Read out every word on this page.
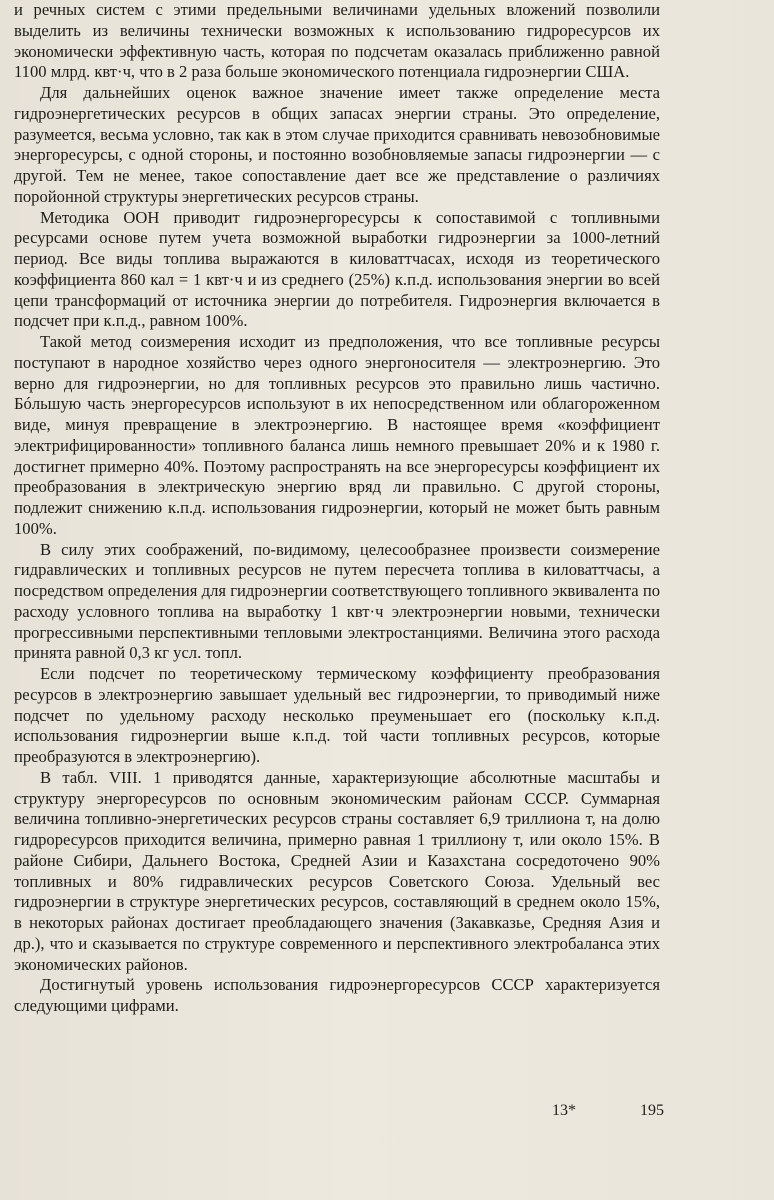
и речных систем с этими предельными величинами удельных вложений позволили выделить из величины технически возможных к использованию гидроресурсов их экономически эффективную часть, которая по подсчетам оказалась приближенно равной 1100 млрд. квт·ч, что в 2 раза больше экономического потенциала гидроэнергии США.

Для дальнейших оценок важное значение имеет также определение места гидроэнергетических ресурсов в общих запасах энергии страны. Это определение, разумеется, весьма условно, так как в этом случае приходится сравнивать невозобновимые энергоресурсы, с одной стороны, и постоянно возобновляемые запасы гидроэнергии — с другой. Тем не менее, такое сопоставление дает все же представление о различиях поройонной структуры энергетических ресурсов страны.

Методика ООН приводит гидроэнергоресурсы к сопоставимой с топливными ресурсами основе путем учета возможной выработки гидроэнергии за 1000-летний период. Все виды топлива выражаются в киловаттчасах, исходя из теоретического коэффициента 860 кал = 1 квт·ч и из среднего (25%) к.п.д. использования энергии во всей цепи трансформаций от источника энергии до потребителя. Гидроэнергия включается в подсчет при к.п.д., равном 100%.

Такой метод соизмерения исходит из предположения, что все топливные ресурсы поступают в народное хозяйство через одного энергоносителя — электроэнергию. Это верно для гидроэнергии, но для топливных ресурсов это правильно лишь частично. Бóльшую часть энергоресурсов используют в их непосредственном или облагороженном виде, минуя превращение в электроэнергию. В настоящее время «коэффициент электрифицированности» топливного баланса лишь немного превышает 20% и к 1980 г. достигнет примерно 40%. Поэтому распространять на все энергоресурсы коэффициент их преобразования в электрическую энергию вряд ли правильно. С другой стороны, подлежит снижению к.п.д. использования гидроэнергии, который не может быть равным 100%.

В силу этих соображений, по-видимому, целесообразнее произвести соизмерение гидравлических и топливных ресурсов не путем пересчета топлива в киловаттчасы, а посредством определения для гидроэнергии соответствующего топливного эквивалента по расходу условного топлива на выработку 1 квт·ч электроэнергии новыми, технически прогрессивными перспективными тепловыми электростанциями. Величина этого расхода принята равной 0,3 кг усл. топл.

Если подсчет по теоретическому термическому коэффициенту преобразования ресурсов в электроэнергию завышает удельный вес гидроэнергии, то приводимый ниже подсчет по удельному расходу несколько преуменьшает его (поскольку к.п.д. использования гидроэнергии выше к.п.д. той части топливных ресурсов, которые преобразуются в электроэнергию).

В табл. VIII. 1 приводятся данные, характеризующие абсолютные масштабы и структуру энергоресурсов по основным экономическим районам СССР. Суммарная величина топливно-энергетических ресурсов страны составляет 6,9 триллиона т, на долю гидроресурсов приходится величина, примерно равная 1 триллиону т, или около 15%. В районе Сибири, Дальнего Востока, Средней Азии и Казахстана сосредоточено 90% топливных и 80% гидравлических ресурсов Советского Союза. Удельный вес гидроэнергии в структуре энергетических ресурсов, составляющий в среднем около 15%, в некоторых районах достигает преобладающего значения (Закавказье, Средняя Азия и др.), что и сказывается по структуре современного и перспективного электробаланса этих экономических районов.

Достигнутый уровень использования гидроэнергоресурсов СССР характеризуется следующими цифрами.

13*	195
